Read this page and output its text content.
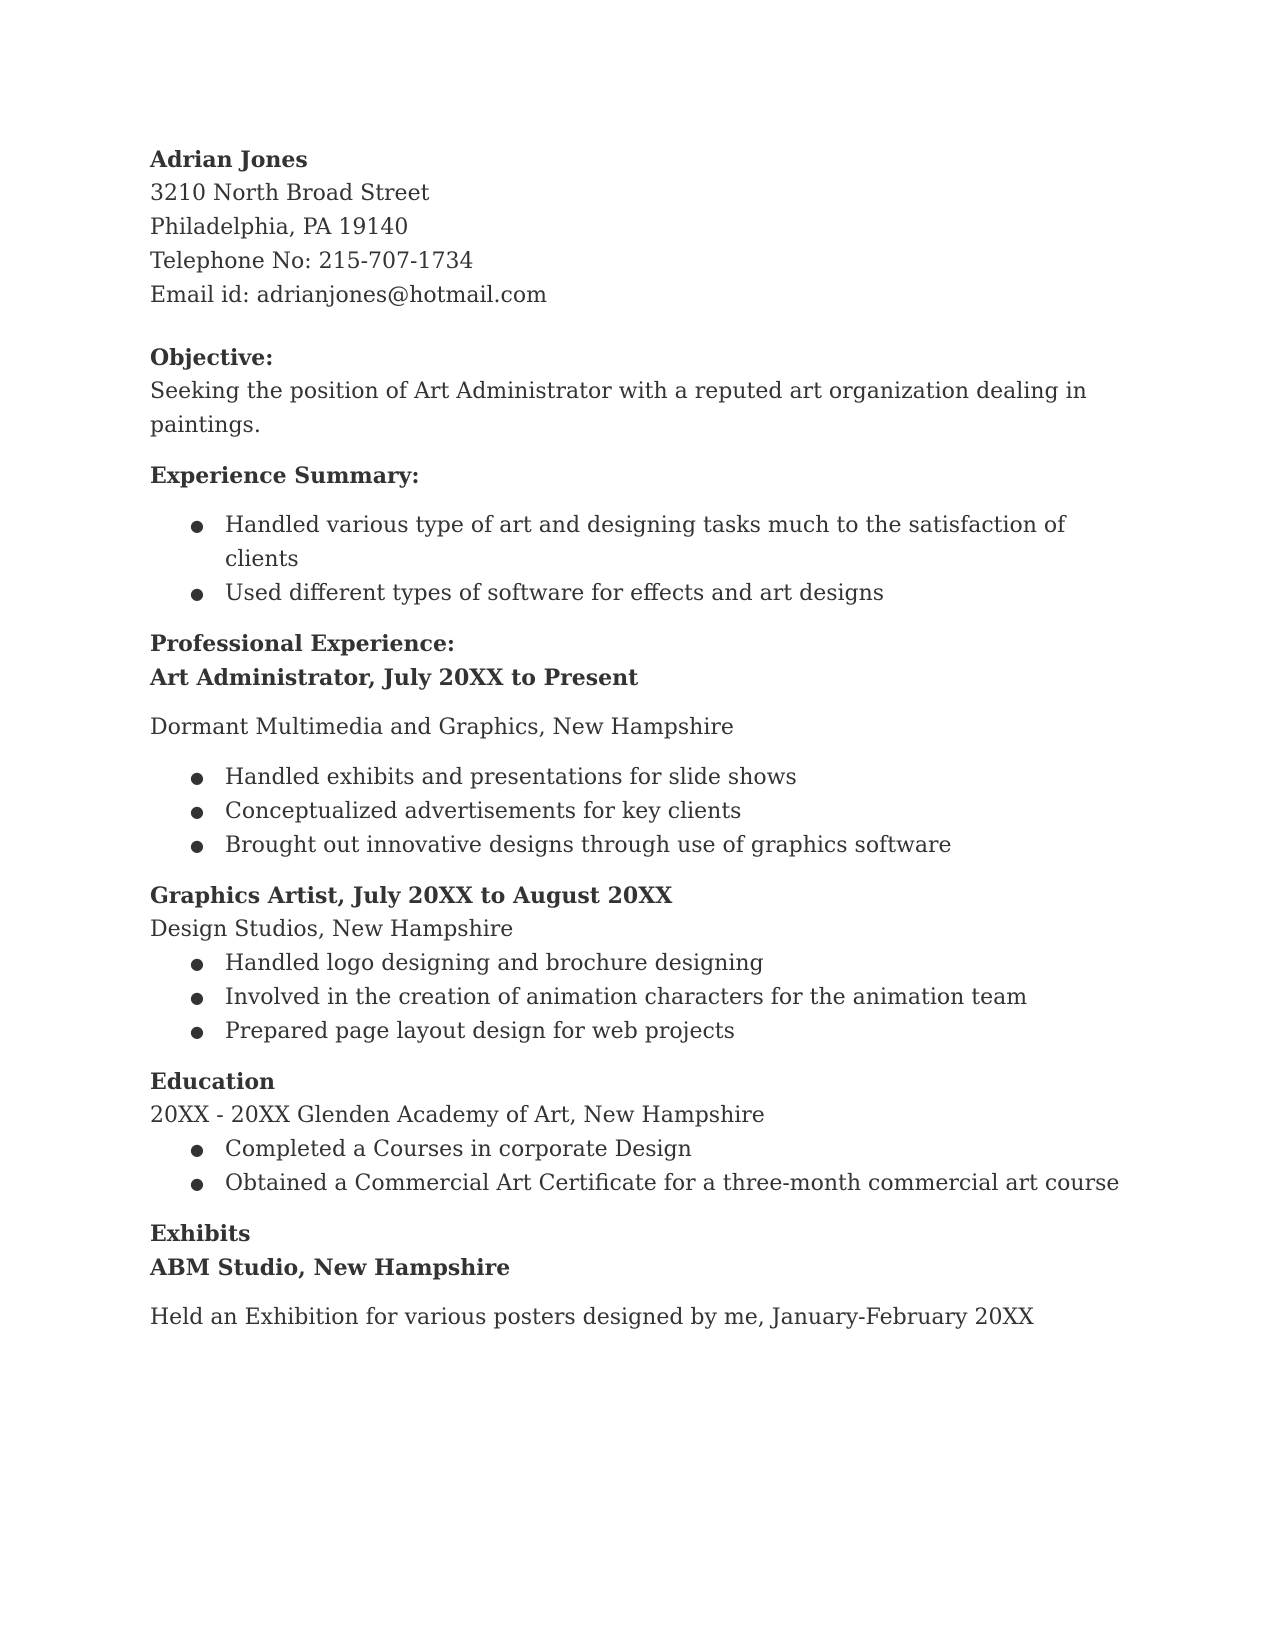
Adrian Jones

3210 North Broad Street

Philadelphia, PA 19140

Telephone No: 215-707-1734

Email id: adrianjones@hotmail.com

Objective:

Seeking the position of Art Administrator with a reputed art organization dealing in paintings.

Experience Summary:

● Handled various type of art and designing tasks much to the satisfaction of clients
● Used different types of software for effects and art designs

Professional Experience:

Art Administrator, July 20XX to Present

Dormant Multimedia and Graphics, New Hampshire

● Handled exhibits and presentations for slide shows
● Conceptualized advertisements for key clients
● Brought out innovative designs through use of graphics software

Graphics Artist, July 20XX to August 20XX

Design Studios, New Hampshire

● Handled logo designing and brochure designing
● Involved in the creation of animation characters for the animation team
● Prepared page layout design for web projects

Education

20XX - 20XX Glenden Academy of Art, New Hampshire

● Completed a Courses in corporate Design
● Obtained a Commercial Art Certificate for a three-month commercial art course

Exhibits

ABM Studio, New Hampshire

Held an Exhibition for various posters designed by me, January-February 20XX
